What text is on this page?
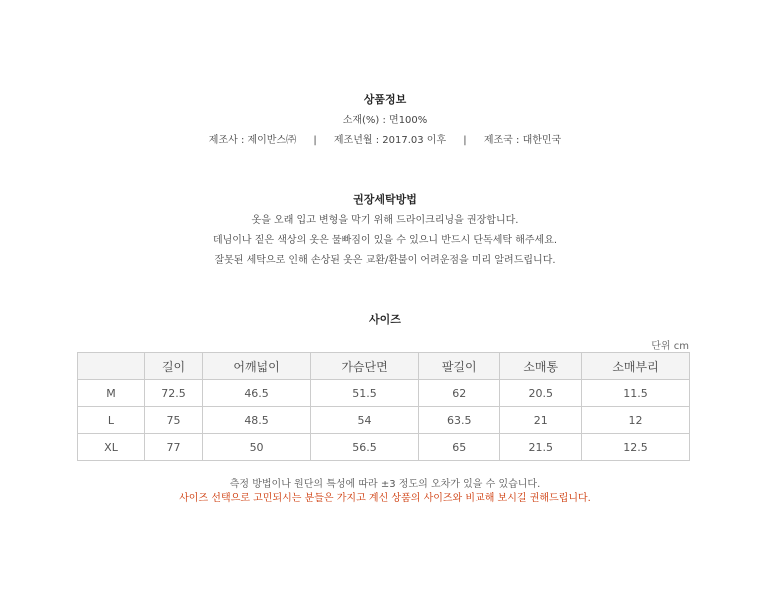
상품정보
소재(%) : 면100%
제조사 : 제이반스㈜ | 제조년월 : 2017.03 이후 | 제조국 : 대한민국
권장세탁방법
옷을 오래 입고 변형을 막기 위해 드라이크리닝을 권장합니다.
데님이나 짙은 색상의 옷은 물빠짐이 있을 수 있으니 반드시 단독세탁 해주세요.
잘못된 세탁으로 인해 손상된 옷은 교환/환불이 어려운점을 미리 알려드립니다.
사이즈
단위 cm
	길이	어깨넓이	가슴단면	팔길이	소매통	소매부리
M	72.5	46.5	51.5	62	20.5	11.5
L	75	48.5	54	63.5	21	12
XL	77	50	56.5	65	21.5	12.5
측정 방법이나 원단의 특성에 따라 ±3 정도의 오차가 있을 수 있습니다.
사이즈 선택으로 고민되시는 분들은 가지고 계신 상품의 사이즈와 비교해 보시길 권해드립니다.
